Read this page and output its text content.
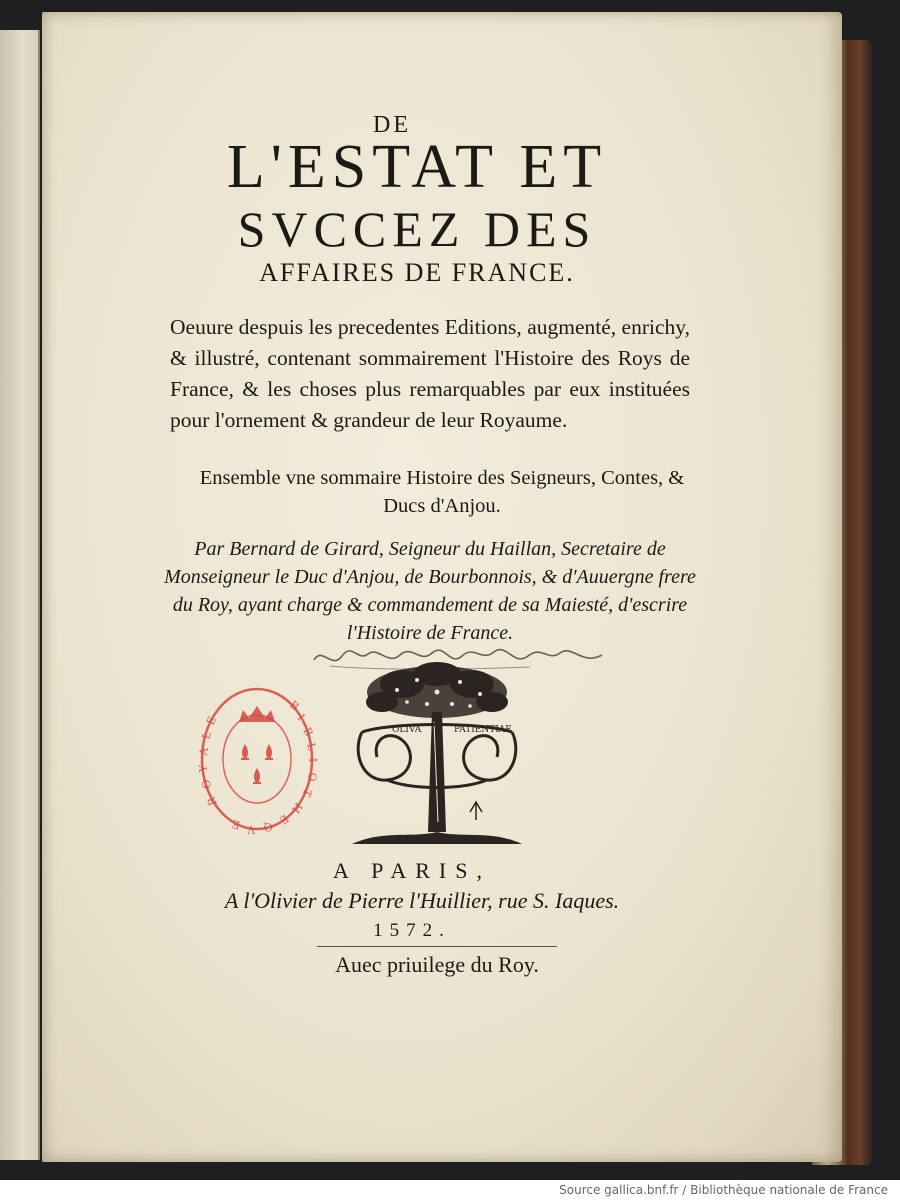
DE
L'ESTAT ET
SVCCEZ DES
AFFAIRES DE FRANCE.
Oeuure despuis les precedentes Editions, augmenté, enrichy, & illustré, contenant sommairement l'Histoire des Roys de France, & les choses plus remarquables par eux instituées pour l'ornement & grandeur de leur Royaume.
Ensemble vne sommaire Histoire des Seigneurs, Contes, & Ducs d'Anjou.
Par Bernard de Girard, Seigneur du Haillan, Secretaire de Monseigneur le Duc d'Anjou, de Bourbonnois, & d'Auuergne frere du Roy, ayant charge & commandement de sa Maiesté, d'escrire l'Histoire de France.
B
I
B
L
I
O
T
H
E
Q
V
E
R
O
Y
A
L
E
OLIVA	PATIENTIAE
A PARIS,
A l'Olivier de Pierre l'Huillier, rue S. Iaques.
1572.
Auec priuilege du Roy.
Source gallica.bnf.fr / Bibliothèque nationale de France
